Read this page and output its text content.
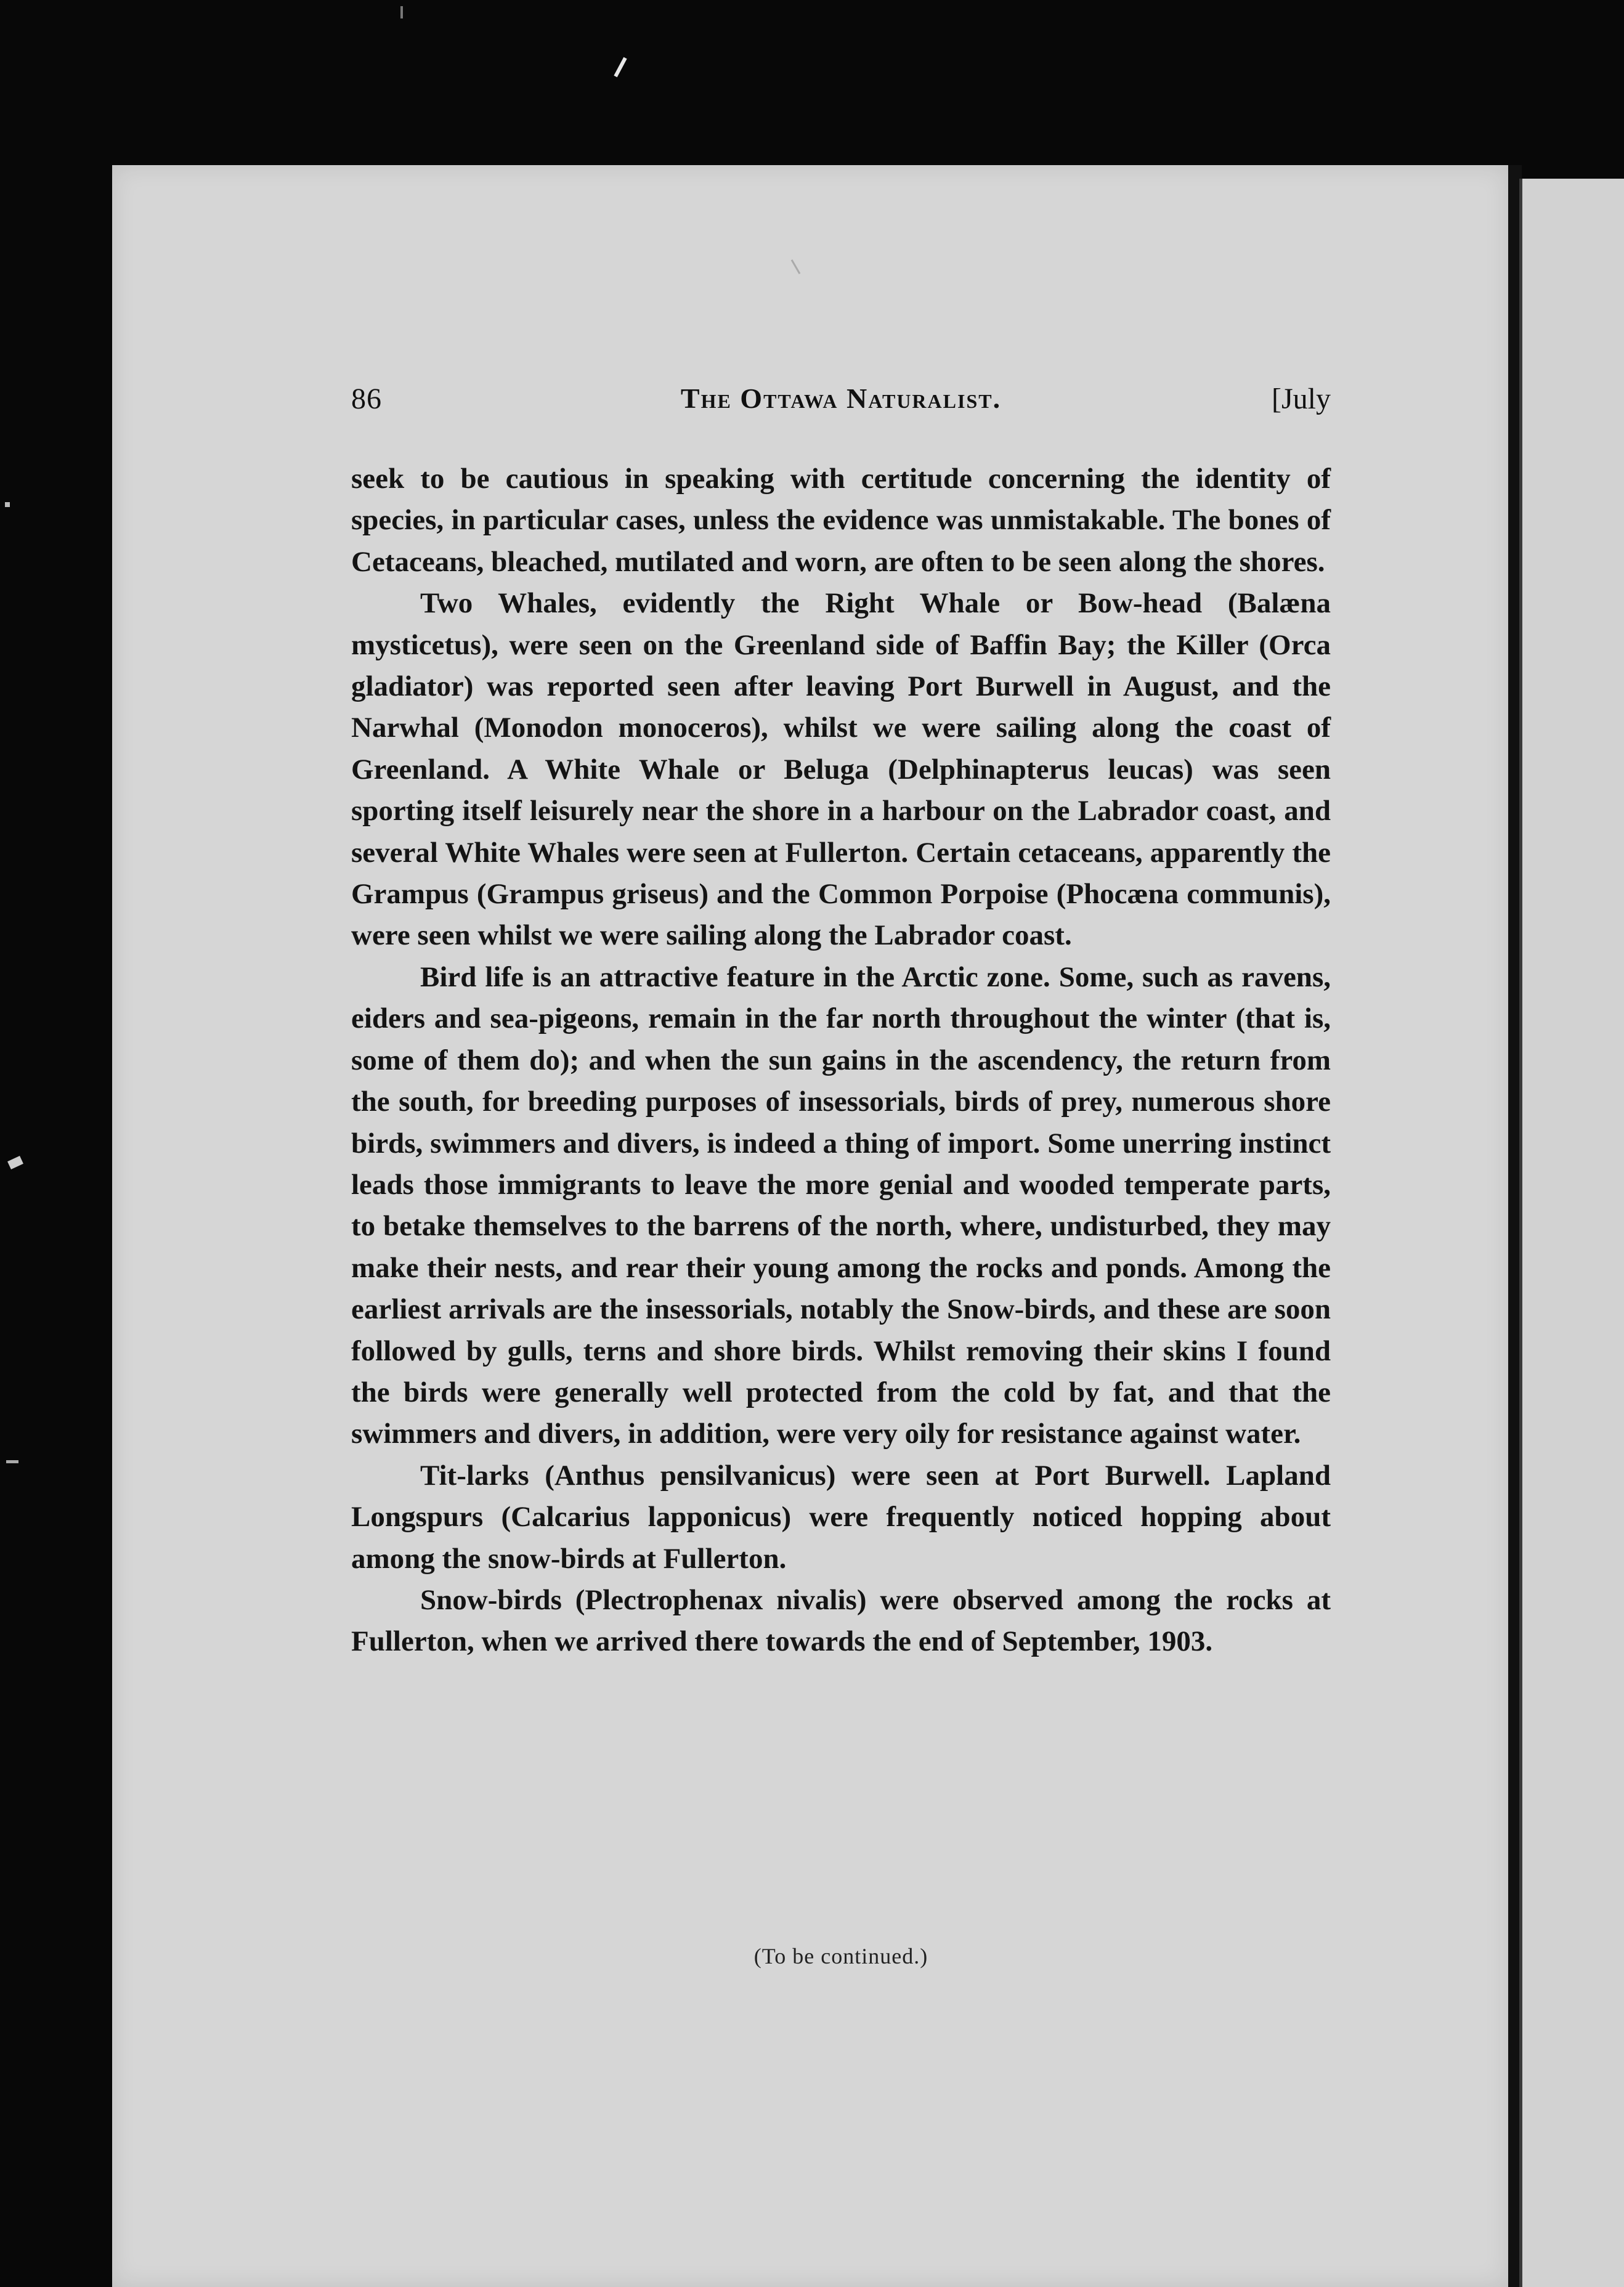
86	The Ottawa Naturalist.	[July

seek to be cautious in speaking with certitude concerning the identity of species, in particular cases, unless the evidence was unmistakable. The bones of Cetaceans, bleached, mutilated and worn, are often to be seen along the shores.

Two Whales, evidently the Right Whale or Bow-head (Balæna mysticetus), were seen on the Greenland side of Baffin Bay; the Killer (Orca gladiator) was reported seen after leaving Port Burwell in August, and the Narwhal (Monodon monoceros), whilst we were sailing along the coast of Greenland. A White Whale or Beluga (Delphinapterus leucas) was seen sporting itself leisurely near the shore in a harbour on the Labrador coast, and several White Whales were seen at Fullerton. Certain cetaceans, apparently the Grampus (Grampus griseus) and the Common Porpoise (Phocæna communis), were seen whilst we were sailing along the Labrador coast.

Bird life is an attractive feature in the Arctic zone. Some, such as ravens, eiders and sea-pigeons, remain in the far north throughout the winter (that is, some of them do); and when the sun gains in the ascendency, the return from the south, for breeding purposes of insessorials, birds of prey, numerous shore birds, swimmers and divers, is indeed a thing of import. Some unerring instinct leads those immigrants to leave the more genial and wooded temperate parts, to betake themselves to the barrens of the north, where, undisturbed, they may make their nests, and rear their young among the rocks and ponds. Among the earliest arrivals are the insessorials, notably the Snow-birds, and these are soon followed by gulls, terns and shore birds. Whilst removing their skins I found the birds were generally well protected from the cold by fat, and that the swimmers and divers, in addition, were very oily for resistance against water.

Tit-larks (Anthus pensilvanicus) were seen at Port Burwell. Lapland Longspurs (Calcarius lapponicus) were frequently noticed hopping about among the snow-birds at Fullerton.

Snow-birds (Plectrophenax nivalis) were observed among the rocks at Fullerton, when we arrived there towards the end of September, 1903.

(To be continued.)
